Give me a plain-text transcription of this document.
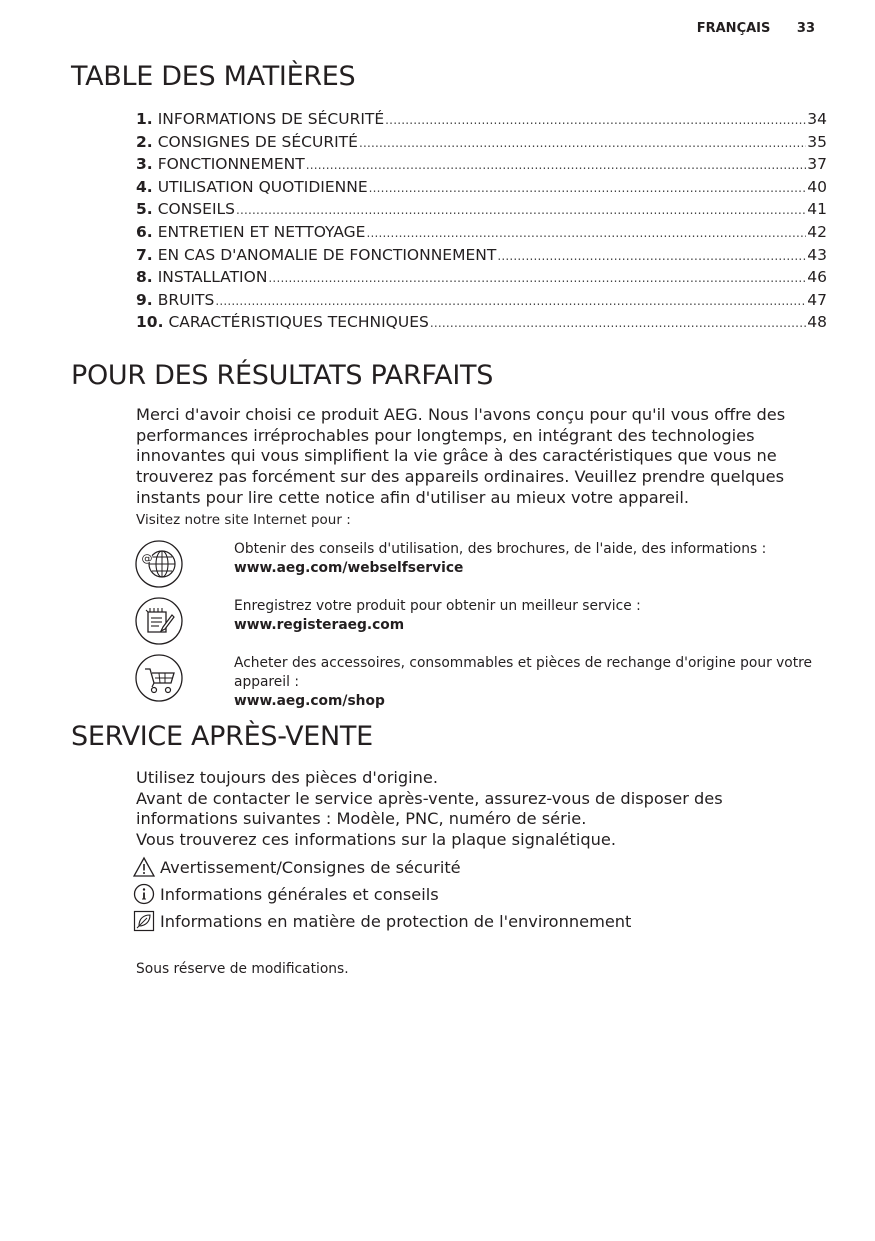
FRANÇAIS 33
TABLE DES MATIÈRES
1. INFORMATIONS DE SÉCURITÉ .....	34
2. CONSIGNES DE SÉCURITÉ .....	35
3. FONCTIONNEMENT .....	37
4. UTILISATION QUOTIDIENNE .....	40
5. CONSEILS .....	41
6. ENTRETIEN ET NETTOYAGE .....	42
7. EN CAS D'ANOMALIE DE FONCTIONNEMENT .....	43
8. INSTALLATION .....	46
9. BRUITS .....	47
10. CARACTÉRISTIQUES TECHNIQUES .....	48
POUR DES RÉSULTATS PARFAITS

Merci d'avoir choisi ce produit AEG. Nous l'avons conçu pour qu'il vous offre des performances irréprochables pour longtemps, en intégrant des technologies innovantes qui vous simplifient la vie grâce à des caractéristiques que vous ne trouverez pas forcément sur des appareils ordinaires. Veuillez prendre quelques instants pour lire cette notice afin d'utiliser au mieux votre appareil.

Visitez notre site Internet pour :

@
Obtenir des conseils d'utilisation, des brochures, de l'aide, des informations :
www.aeg.com/webselfservice
Enregistrez votre produit pour obtenir un meilleur service :
www.registeraeg.com
Acheter des accessoires, consommables et pièces de rechange d'origine pour votre appareil :
www.aeg.com/shop
SERVICE APRÈS-VENTE
Utilisez toujours des pièces d'origine.
Avant de contacter le service après-vente, assurez-vous de disposer des informations suivantes : Modèle, PNC, numéro de série.
Vous trouverez ces informations sur la plaque signalétique.
Avertissement/Consignes de sécurité
Informations générales et conseils
Informations en matière de protection de l'environnement

Sous réserve de modifications.
